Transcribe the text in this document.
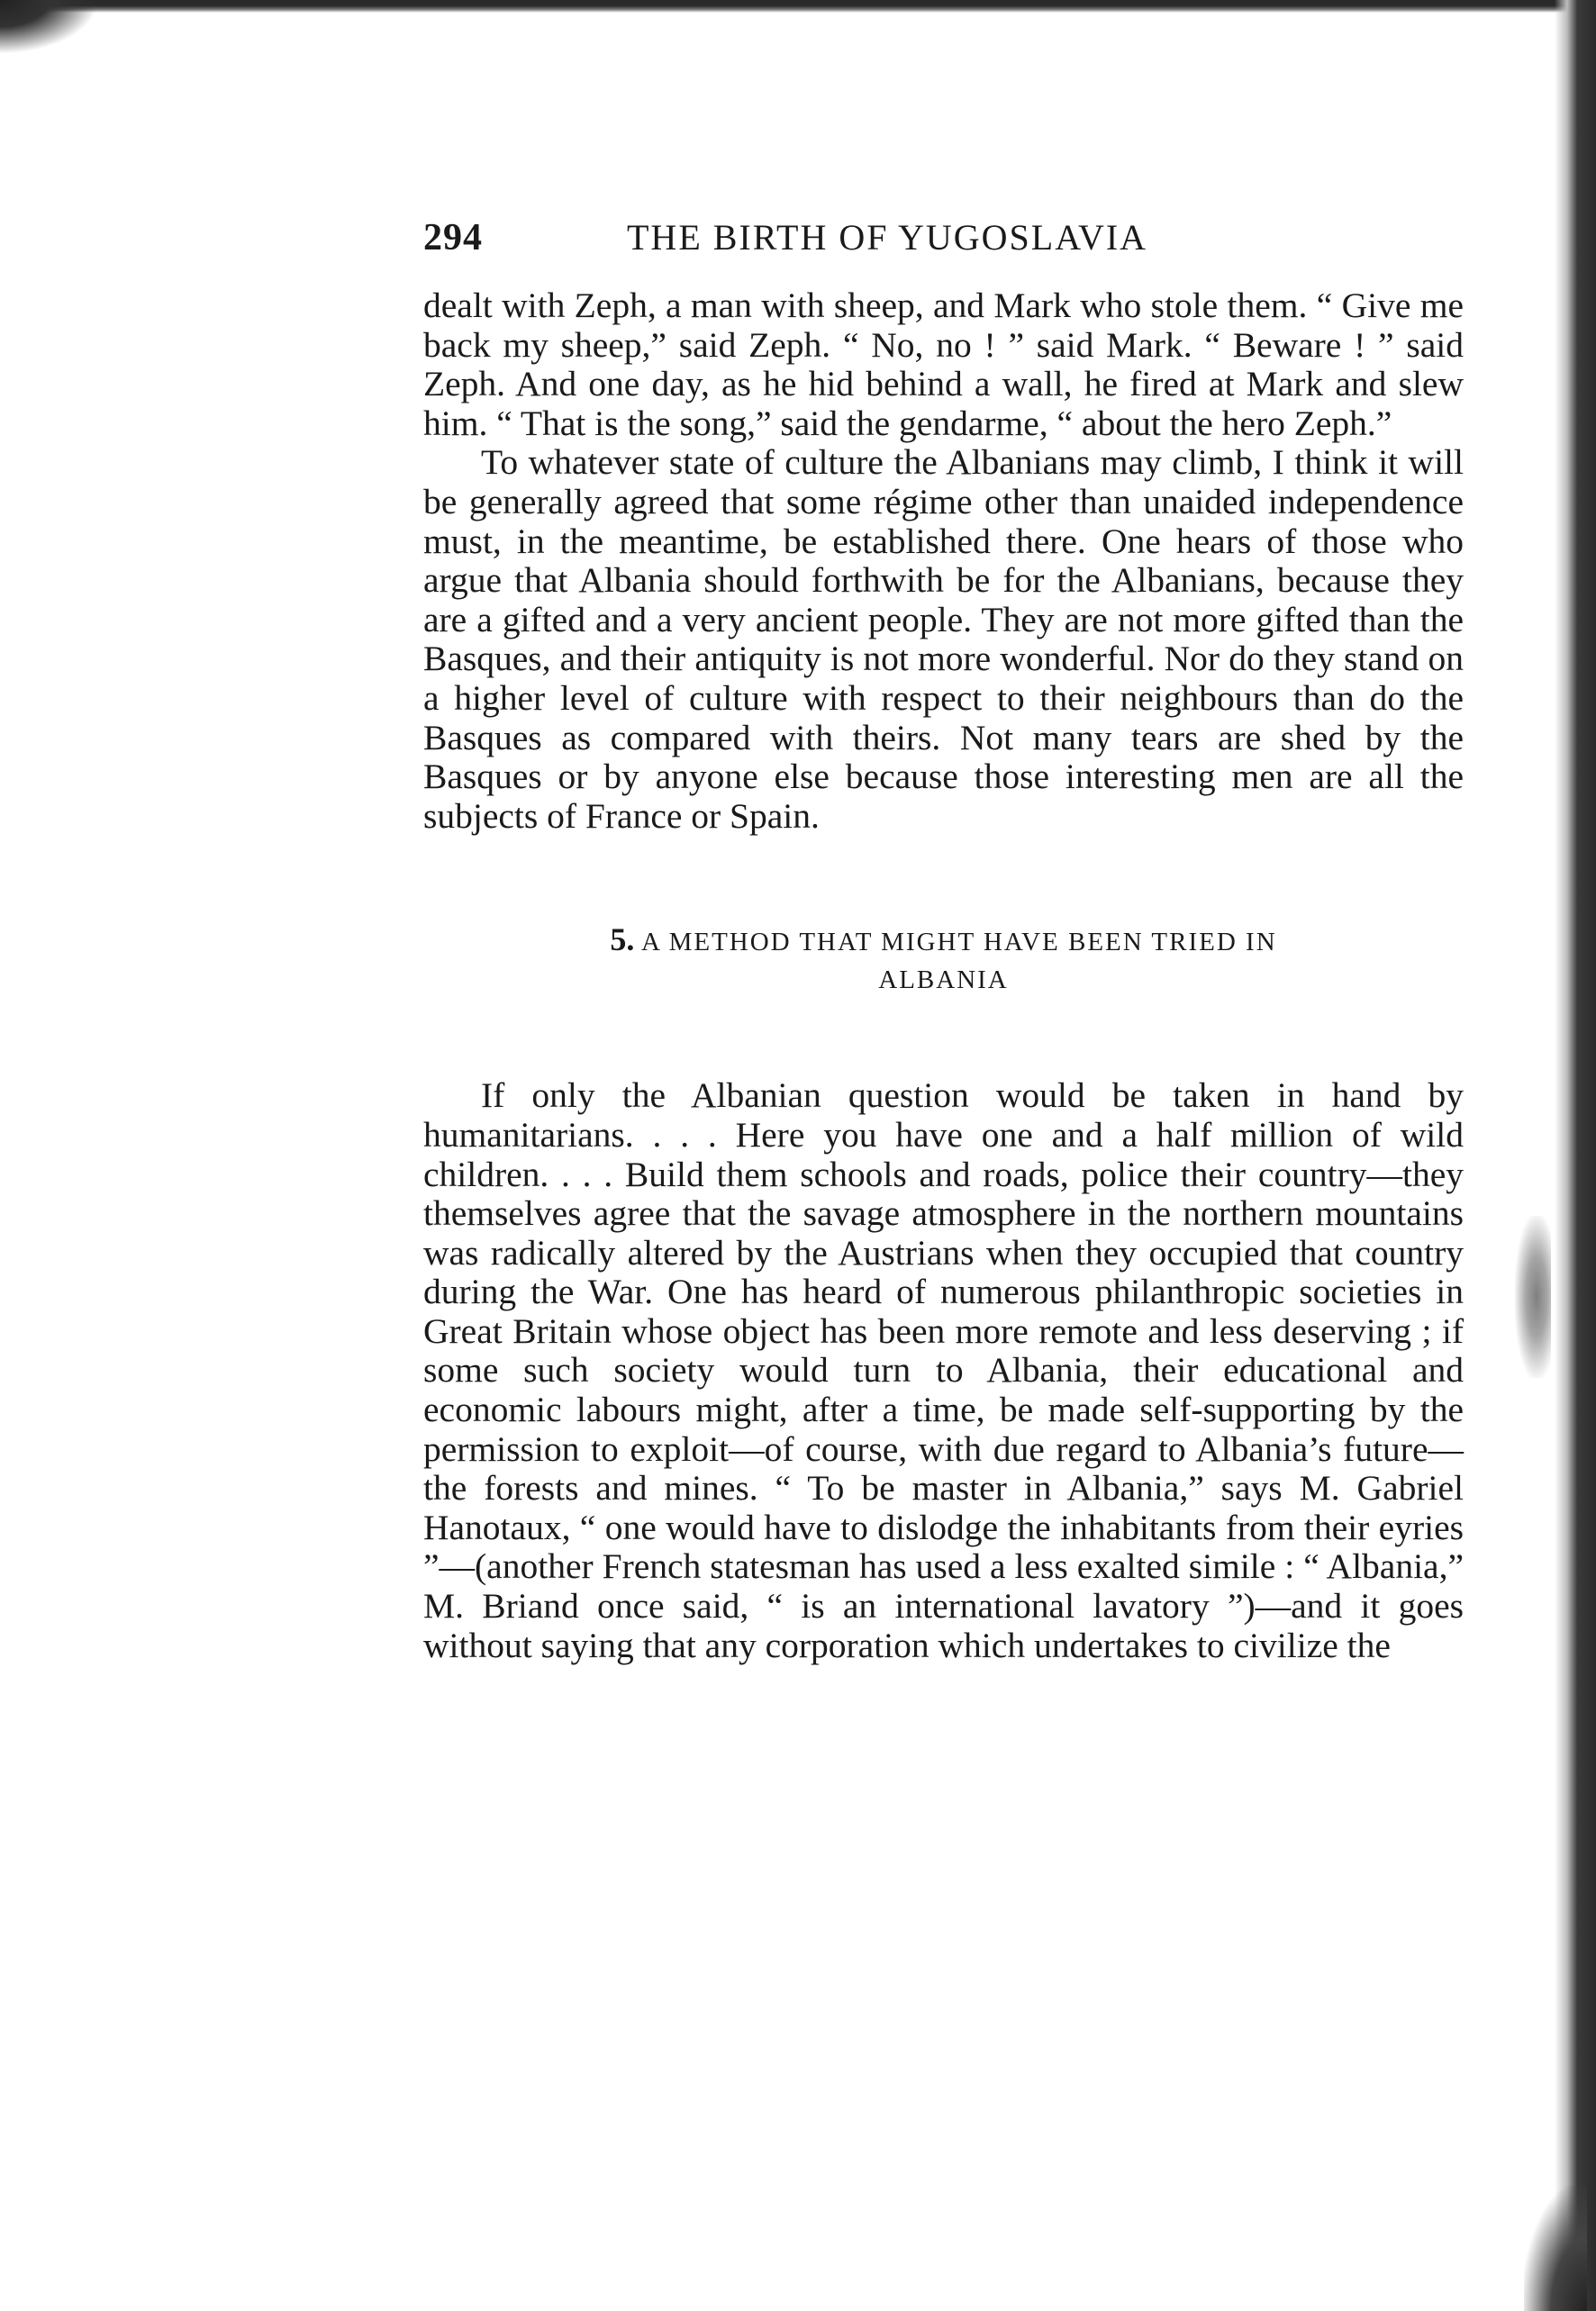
294	THE BIRTH OF YUGOSLAVIA

dealt with Zeph, a man with sheep, and Mark who stole them. “ Give me back my sheep,” said Zeph. “ No, no ! ” said Mark. “ Beware ! ” said Zeph. And one day, as he hid behind a wall, he fired at Mark and slew him. “ That is the song,” said the gendarme, “ about the hero Zeph.”

To whatever state of culture the Albanians may climb, I think it will be generally agreed that some régime other than unaided independence must, in the meantime, be established there. One hears of those who argue that Albania should forthwith be for the Albanians, because they are a gifted and a very ancient people. They are not more gifted than the Basques, and their antiquity is not more wonderful. Nor do they stand on a higher level of culture with respect to their neighbours than do the Basques as compared with theirs. Not many tears are shed by the Basques or by anyone else because those interesting men are all the subjects of France or Spain.

5. A METHOD THAT MIGHT HAVE BEEN TRIED IN
ALBANIA

If only the Albanian question would be taken in hand by humanitarians. . . . Here you have one and a half million of wild children. . . . Build them schools and roads, police their country—they themselves agree that the savage atmosphere in the northern mountains was radically altered by the Austrians when they occupied that country during the War. One has heard of numerous philanthropic societies in Great Britain whose object has been more remote and less deserving ; if some such society would turn to Albania, their educational and economic labours might, after a time, be made self-supporting by the permission to exploit—of course, with due regard to Albania’s future—the forests and mines. “ To be master in Albania,” says M. Gabriel Hanotaux, “ one would have to dislodge the inhabitants from their eyries ”—(another French statesman has used a less exalted simile : “ Albania,” M. Briand once said, “ is an international lavatory ”)—and it goes without saying that any corporation which undertakes to civilize the
